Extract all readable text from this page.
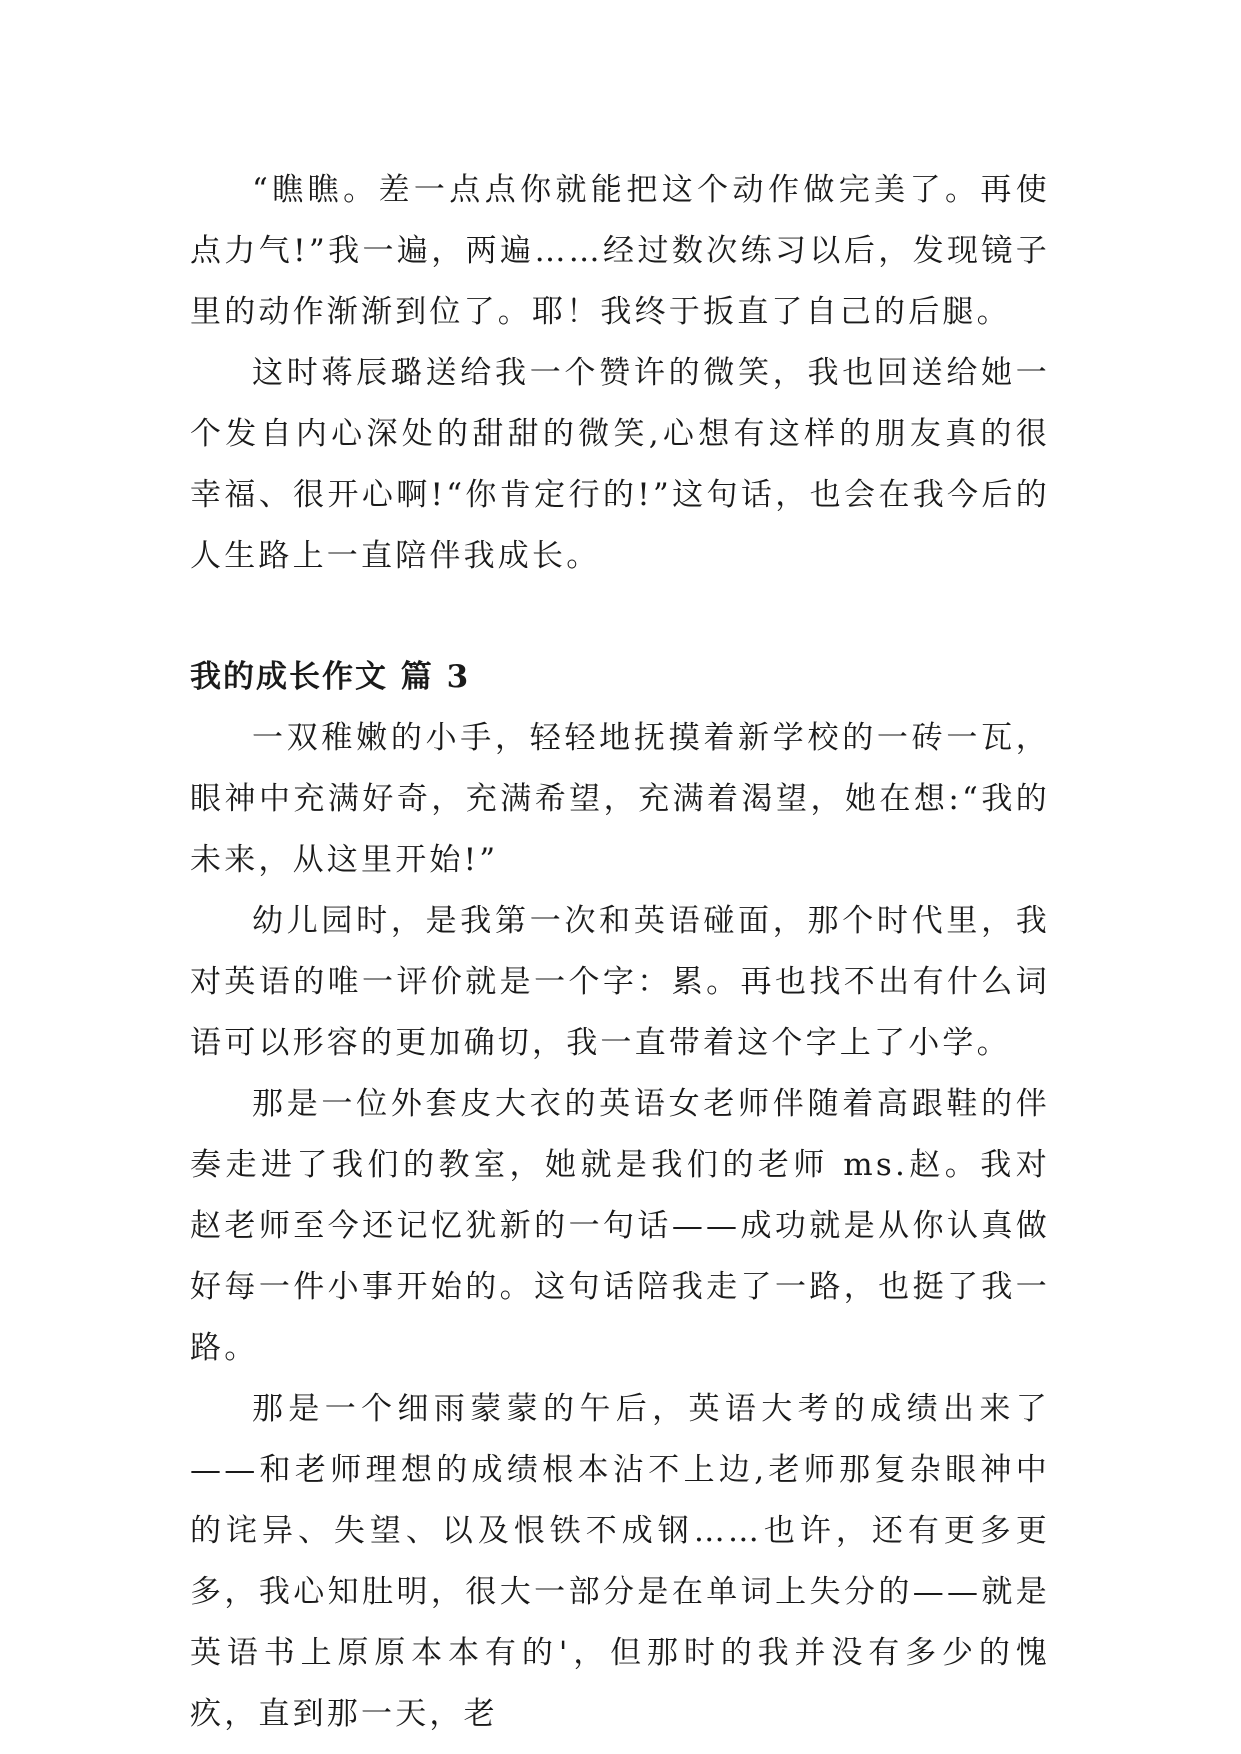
“瞧瞧。差一点点你就能把这个动作做完美了。再使点力气!”我一遍，两遍……经过数次练习以后，发现镜子里的动作渐渐到位了。耶！我终于扳直了自己的后腿。

这时蒋辰璐送给我一个赞许的微笑，我也回送给她一个发自内心深处的甜甜的微笑,心想有这样的朋友真的很幸福、很开心啊!“你肯定行的!”这句话，也会在我今后的人生路上一直陪伴我成长。

我的成长作文 篇 3

一双稚嫩的小手，轻轻地抚摸着新学校的一砖一瓦，眼神中充满好奇，充满希望，充满着渴望，她在想:“我的未来，从这里开始!”

幼儿园时，是我第一次和英语碰面，那个时代里，我对英语的唯一评价就是一个字：累。再也找不出有什么词语可以形容的更加确切，我一直带着这个字上了小学。

那是一位外套皮大衣的英语女老师伴随着高跟鞋的伴奏走进了我们的教室，她就是我们的老师 ms.赵。我对赵老师至今还记忆犹新的一句话——成功就是从你认真做好每一件小事开始的。这句话陪我走了一路，也挺了我一路。

那是一个细雨蒙蒙的午后，英语大考的成绩出来了——和老师理想的成绩根本沾不上边,老师那复杂眼神中的诧异、失望、以及恨铁不成钢……也许，还有更多更多，我心知肚明，很大一部分是在单词上失分的——就是英语书上原原本本有的'，但那时的我并没有多少的愧疚，直到那一天，老
